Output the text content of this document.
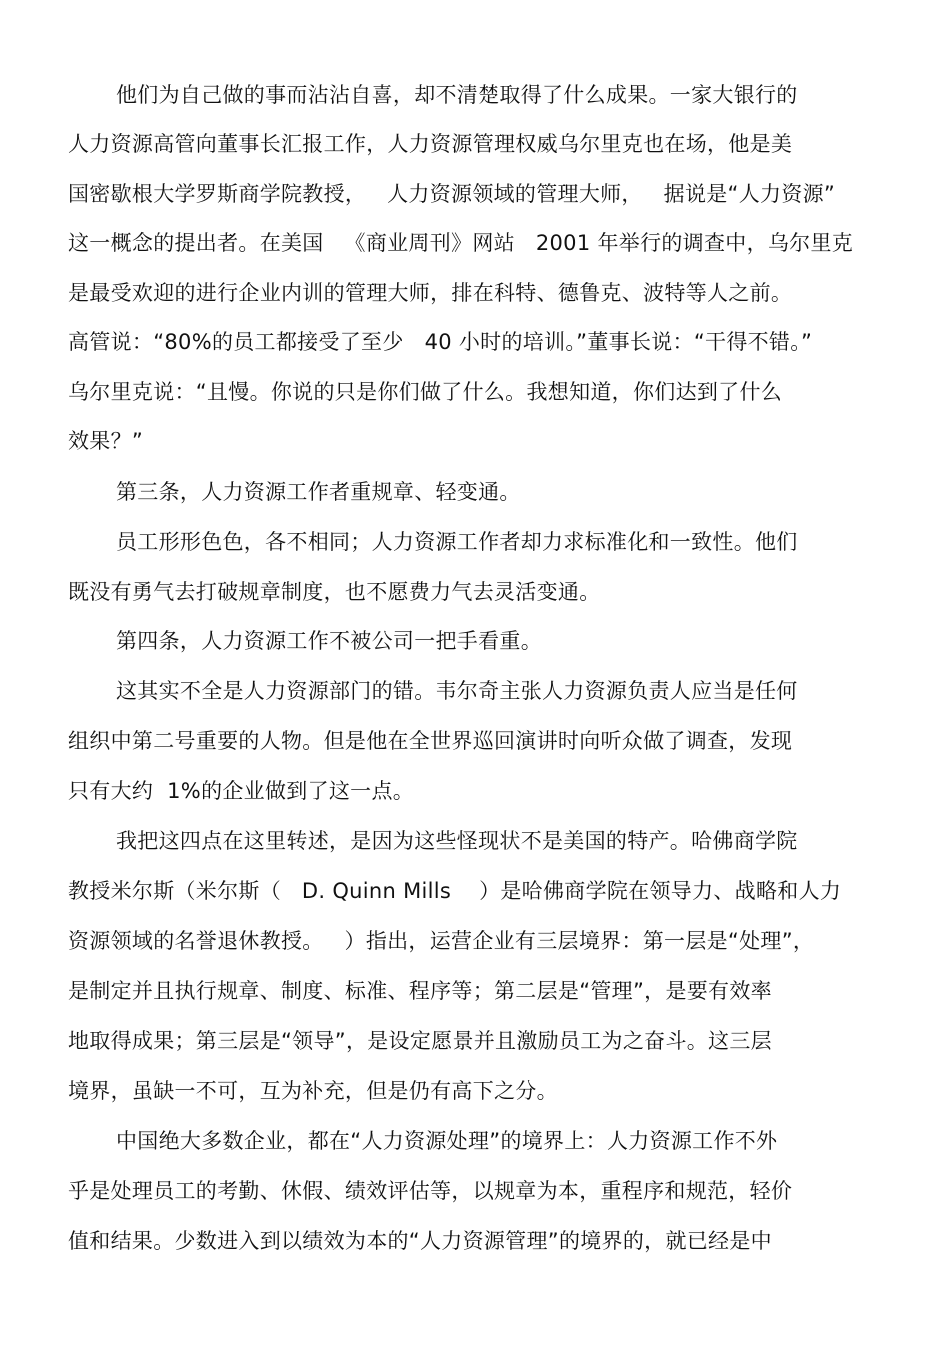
他们为自己做的事而沾沾自喜，却不清楚取得了什么成果。一家大银行的
人力资源高管向董事长汇报工作，人力资源管理权威乌尔里克也在场，他是美
国密歇根大学罗斯商学院教授，   人力资源领域的管理大师，   据说是“人力资源”
这一概念的提出者。在美国   《商业周刊》网站   2001 年举行的调查中，乌尔里克
是最受欢迎的进行企业内训的管理大师，排在科特、德鲁克、波特等人之前。
高管说：“80%的员工都接受了至少   40 小时的培训。”董事长说：“干得不错。”
乌尔里克说：“且慢。你说的只是你们做了什么。我想知道，你们达到了什么
效果？”
第三条，人力资源工作者重规章、轻变通。
员工形形色色，各不相同；人力资源工作者却力求标准化和一致性。他们
既没有勇气去打破规章制度，也不愿费力气去灵活变通。
第四条，人力资源工作不被公司一把手看重。
这其实不全是人力资源部门的错。韦尔奇主张人力资源负责人应当是任何
组织中第二号重要的人物。但是他在全世界巡回演讲时向听众做了调查，发现
只有大约  1%的企业做到了这一点。
我把这四点在这里转述，是因为这些怪现状不是美国的特产。哈佛商学院
教授米尔斯（米尔斯（   D. Quinn Mills    ）是哈佛商学院在领导力、战略和人力
资源领域的名誉退休教授。   ）指出，运营企业有三层境界：第一层是“处理”，
是制定并且执行规章、制度、标准、程序等；第二层是“管理”，是要有效率
地取得成果；第三层是“领导”，是设定愿景并且激励员工为之奋斗。这三层
境界，虽缺一不可，互为补充，但是仍有高下之分。
中国绝大多数企业，都在“人力资源处理”的境界上：人力资源工作不外
乎是处理员工的考勤、休假、绩效评估等，以规章为本，重程序和规范，轻价
值和结果。少数进入到以绩效为本的“人力资源管理”的境界的，就已经是中
